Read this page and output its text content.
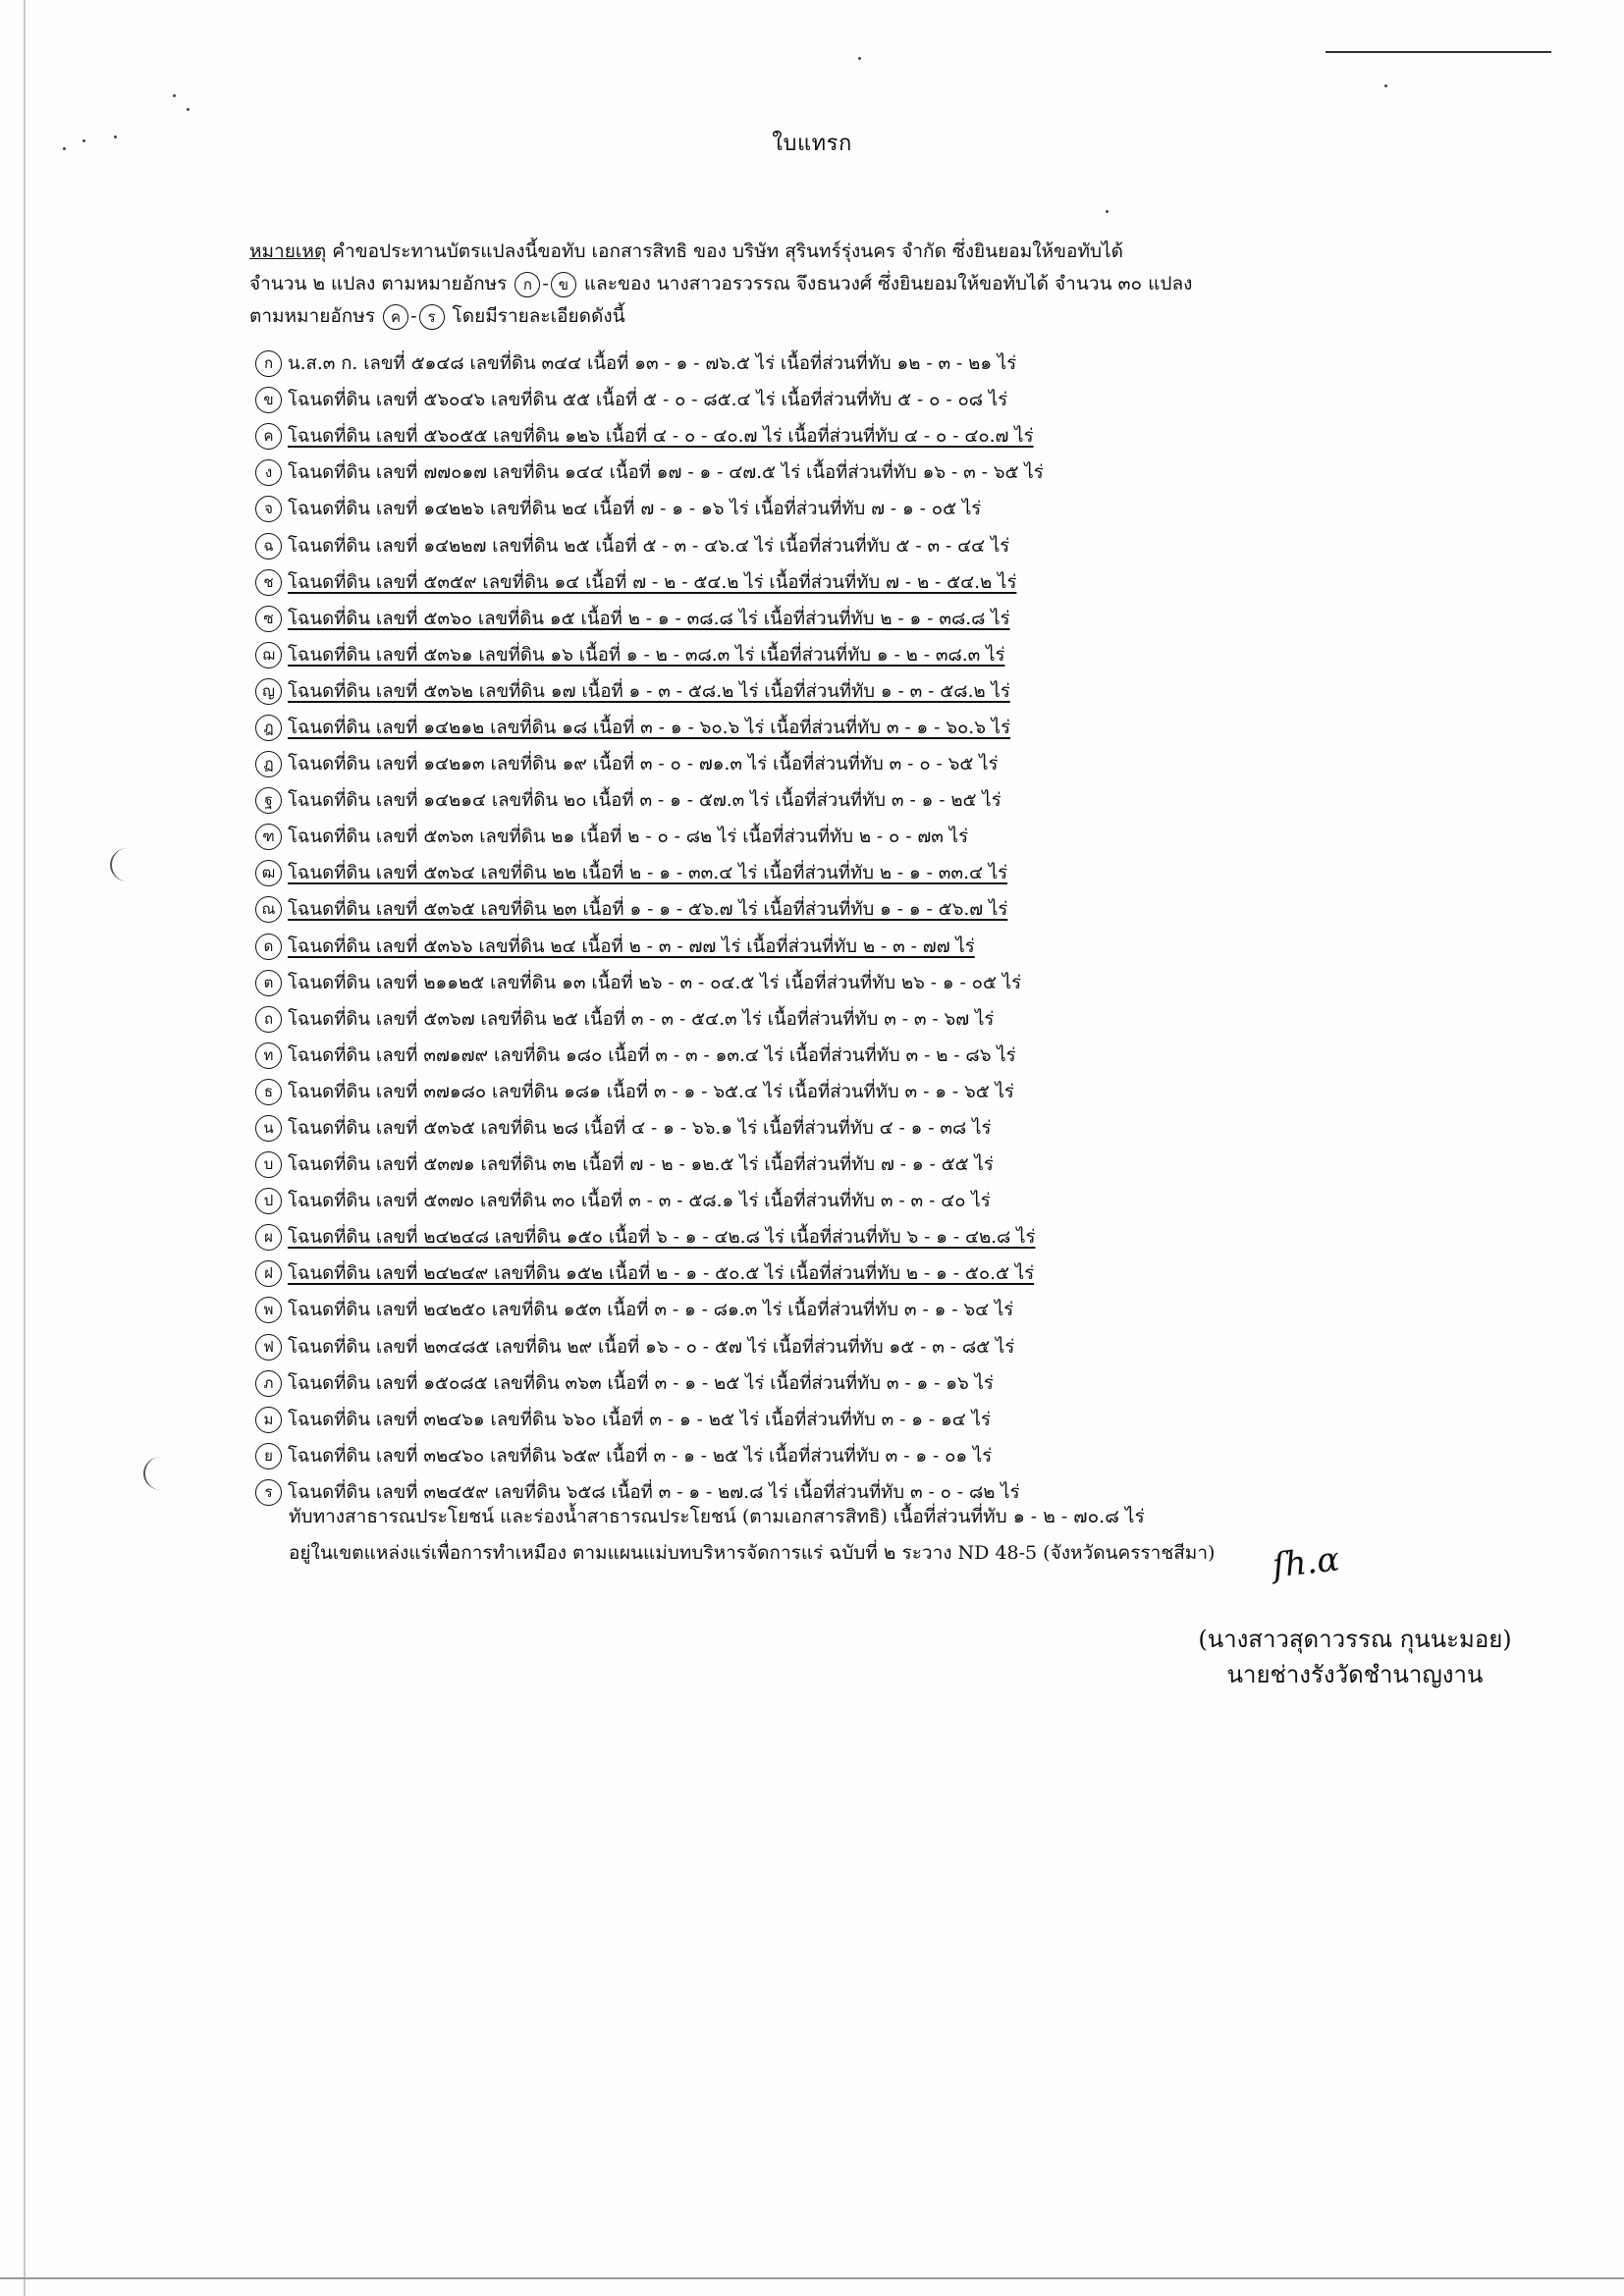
ใบแทรก
หมายเหตุ คำขอประทานบัตรแปลงนี้ขอทับ เอกสารสิทธิ ของ บริษัท สุรินทร์รุ่งนคร จำกัด ซึ่งยินยอมให้ขอทับได้
จำนวน ๒ แปลง ตามหมายอักษร ก - ข และของ นางสาวอรวรรณ จึงธนวงศ์ ซึ่งยินยอมให้ขอทับได้ จำนวน ๓๐ แปลง
ตามหมายอักษร ค - ร โดยมีรายละเอียดดังนี้
ก น.ส.๓ ก. เลขที่ ๕๑๔๘ เลขที่ดิน ๓๔๔ เนื้อที่ ๑๓ - ๑ - ๗๖.๕ ไร่ เนื้อที่ส่วนที่ทับ ๑๒ - ๓ - ๒๑ ไร่
ข โฉนดที่ดิน เลขที่ ๕๖๐๔๖ เลขที่ดิน ๕๕ เนื้อที่ ๕ - ๐ - ๘๕.๔ ไร่ เนื้อที่ส่วนที่ทับ ๕ - ๐ - ๐๘ ไร่
ค โฉนดที่ดิน เลขที่ ๕๖๐๕๕ เลขที่ดิน ๑๒๖ เนื้อที่ ๔ - ๐ - ๔๐.๗ ไร่ เนื้อที่ส่วนที่ทับ ๔ - ๐ - ๔๐.๗ ไร่
ง โฉนดที่ดิน เลขที่ ๗๗๐๑๗ เลขที่ดิน ๑๔๔ เนื้อที่ ๑๗ - ๑ - ๔๗.๕ ไร่ เนื้อที่ส่วนที่ทับ ๑๖ - ๓ - ๖๕ ไร่
จ โฉนดที่ดิน เลขที่ ๑๔๒๒๖ เลขที่ดิน ๒๔ เนื้อที่ ๗ - ๑ - ๑๖ ไร่ เนื้อที่ส่วนที่ทับ ๗ - ๑ - ๐๕ ไร่
ฉ โฉนดที่ดิน เลขที่ ๑๔๒๒๗ เลขที่ดิน ๒๕ เนื้อที่ ๕ - ๓ - ๔๖.๔ ไร่ เนื้อที่ส่วนที่ทับ ๕ - ๓ - ๔๔ ไร่
ช โฉนดที่ดิน เลขที่ ๕๓๕๙ เลขที่ดิน ๑๔ เนื้อที่ ๗ - ๒ - ๕๔.๒ ไร่ เนื้อที่ส่วนที่ทับ ๗ - ๒ - ๕๔.๒ ไร่
ซ โฉนดที่ดิน เลขที่ ๕๓๖๐ เลขที่ดิน ๑๕ เนื้อที่ ๒ - ๑ - ๓๘.๘ ไร่ เนื้อที่ส่วนที่ทับ ๒ - ๑ - ๓๘.๘ ไร่
ฌ โฉนดที่ดิน เลขที่ ๕๓๖๑ เลขที่ดิน ๑๖ เนื้อที่ ๑ - ๒ - ๓๘.๓ ไร่ เนื้อที่ส่วนที่ทับ ๑ - ๒ - ๓๘.๓ ไร่
ญ โฉนดที่ดิน เลขที่ ๕๓๖๒ เลขที่ดิน ๑๗ เนื้อที่ ๑ - ๓ - ๕๘.๒ ไร่ เนื้อที่ส่วนที่ทับ ๑ - ๓ - ๕๘.๒ ไร่
ฎ โฉนดที่ดิน เลขที่ ๑๔๒๑๒ เลขที่ดิน ๑๘ เนื้อที่ ๓ - ๑ - ๖๐.๖ ไร่ เนื้อที่ส่วนที่ทับ ๓ - ๑ - ๖๐.๖ ไร่
ฏ โฉนดที่ดิน เลขที่ ๑๔๒๑๓ เลขที่ดิน ๑๙ เนื้อที่ ๓ - ๐ - ๗๑.๓ ไร่ เนื้อที่ส่วนที่ทับ ๓ - ๐ - ๖๕ ไร่
ฐ โฉนดที่ดิน เลขที่ ๑๔๒๑๔ เลขที่ดิน ๒๐ เนื้อที่ ๓ - ๑ - ๕๗.๓ ไร่ เนื้อที่ส่วนที่ทับ ๓ - ๑ - ๒๕ ไร่
ฑ โฉนดที่ดิน เลขที่ ๕๓๖๓ เลขที่ดิน ๒๑ เนื้อที่ ๒ - ๐ - ๘๒ ไร่ เนื้อที่ส่วนที่ทับ ๒ - ๐ - ๗๓ ไร่
ฒ โฉนดที่ดิน เลขที่ ๕๓๖๔ เลขที่ดิน ๒๒ เนื้อที่ ๒ - ๑ - ๓๓.๔ ไร่ เนื้อที่ส่วนที่ทับ ๒ - ๑ - ๓๓.๔ ไร่
ณ โฉนดที่ดิน เลขที่ ๕๓๖๕ เลขที่ดิน ๒๓ เนื้อที่ ๑ - ๑ - ๕๖.๗ ไร่ เนื้อที่ส่วนที่ทับ ๑ - ๑ - ๕๖.๗ ไร่
ด โฉนดที่ดิน เลขที่ ๕๓๖๖ เลขที่ดิน ๒๔ เนื้อที่ ๒ - ๓ - ๗๗ ไร่ เนื้อที่ส่วนที่ทับ ๒ - ๓ - ๗๗ ไร่
ต โฉนดที่ดิน เลขที่ ๒๑๑๒๕ เลขที่ดิน ๑๓ เนื้อที่ ๒๖ - ๓ - ๐๔.๕ ไร่ เนื้อที่ส่วนที่ทับ ๒๖ - ๑ - ๐๕ ไร่
ถ โฉนดที่ดิน เลขที่ ๕๓๖๗ เลขที่ดิน ๒๕ เนื้อที่ ๓ - ๓ - ๕๔.๓ ไร่ เนื้อที่ส่วนที่ทับ ๓ - ๓ - ๖๗ ไร่
ท โฉนดที่ดิน เลขที่ ๓๗๑๗๙ เลขที่ดิน ๑๘๐ เนื้อที่ ๓ - ๓ - ๑๓.๔ ไร่ เนื้อที่ส่วนที่ทับ ๓ - ๒ - ๘๖ ไร่
ธ โฉนดที่ดิน เลขที่ ๓๗๑๘๐ เลขที่ดิน ๑๘๑ เนื้อที่ ๓ - ๑ - ๖๕.๔ ไร่ เนื้อที่ส่วนที่ทับ ๓ - ๑ - ๖๕ ไร่
น โฉนดที่ดิน เลขที่ ๕๓๖๕ เลขที่ดิน ๒๘ เนื้อที่ ๔ - ๑ - ๖๖.๑ ไร่ เนื้อที่ส่วนที่ทับ ๔ - ๑ - ๓๘ ไร่
บ โฉนดที่ดิน เลขที่ ๕๓๗๑ เลขที่ดิน ๓๒ เนื้อที่ ๗ - ๒ - ๑๒.๕ ไร่ เนื้อที่ส่วนที่ทับ ๗ - ๑ - ๕๕ ไร่
ป โฉนดที่ดิน เลขที่ ๕๓๗๐ เลขที่ดิน ๓๐ เนื้อที่ ๓ - ๓ - ๕๘.๑ ไร่ เนื้อที่ส่วนที่ทับ ๓ - ๓ - ๔๐ ไร่
ผ โฉนดที่ดิน เลขที่ ๒๔๒๔๘ เลขที่ดิน ๑๕๐ เนื้อที่ ๖ - ๑ - ๔๒.๘ ไร่ เนื้อที่ส่วนที่ทับ ๖ - ๑ - ๔๒.๘ ไร่
ฝ โฉนดที่ดิน เลขที่ ๒๔๒๔๙ เลขที่ดิน ๑๕๒ เนื้อที่ ๒ - ๑ - ๕๐.๕ ไร่ เนื้อที่ส่วนที่ทับ ๒ - ๑ - ๕๐.๕ ไร่
พ โฉนดที่ดิน เลขที่ ๒๔๒๕๐ เลขที่ดิน ๑๕๓ เนื้อที่ ๓ - ๑ - ๘๑.๓ ไร่ เนื้อที่ส่วนที่ทับ ๓ - ๑ - ๖๔ ไร่
ฟ โฉนดที่ดิน เลขที่ ๒๓๔๘๕ เลขที่ดิน ๒๙ เนื้อที่ ๑๖ - ๐ - ๕๗ ไร่ เนื้อที่ส่วนที่ทับ ๑๕ - ๓ - ๘๕ ไร่
ภ โฉนดที่ดิน เลขที่ ๑๕๐๘๕ เลขที่ดิน ๓๖๓ เนื้อที่ ๓ - ๑ - ๒๕ ไร่ เนื้อที่ส่วนที่ทับ ๓ - ๑ - ๑๖ ไร่
ม โฉนดที่ดิน เลขที่ ๓๒๔๖๑ เลขที่ดิน ๖๖๐ เนื้อที่ ๓ - ๑ - ๒๕ ไร่ เนื้อที่ส่วนที่ทับ ๓ - ๑ - ๑๔ ไร่
ย โฉนดที่ดิน เลขที่ ๓๒๔๖๐ เลขที่ดิน ๖๕๙ เนื้อที่ ๓ - ๑ - ๒๕ ไร่ เนื้อที่ส่วนที่ทับ ๓ - ๑ - ๐๑ ไร่
ร โฉนดที่ดิน เลขที่ ๓๒๔๕๙ เลขที่ดิน ๖๕๘ เนื้อที่ ๓ - ๑ - ๒๗.๘ ไร่ เนื้อที่ส่วนที่ทับ ๓ - ๐ - ๘๒ ไร่

ทับทางสาธารณประโยชน์ และร่องน้ำสาธารณประโยชน์ (ตามเอกสารสิทธิ) เนื้อที่ส่วนที่ทับ ๑ - ๒ - ๗๐.๘ ไร่

อยู่ในเขตแหล่งแร่เพื่อการทำเหมือง ตามแผนแม่บทบริหารจัดการแร่ ฉบับที่ ๒ ระวาง ND 48-5 (จังหวัดนครราชสีมา)	ſh.ɑ

(นางสาวสุดาวรรณ กุนนะมอย)

นายช่างรังวัดชำนาญงาน
